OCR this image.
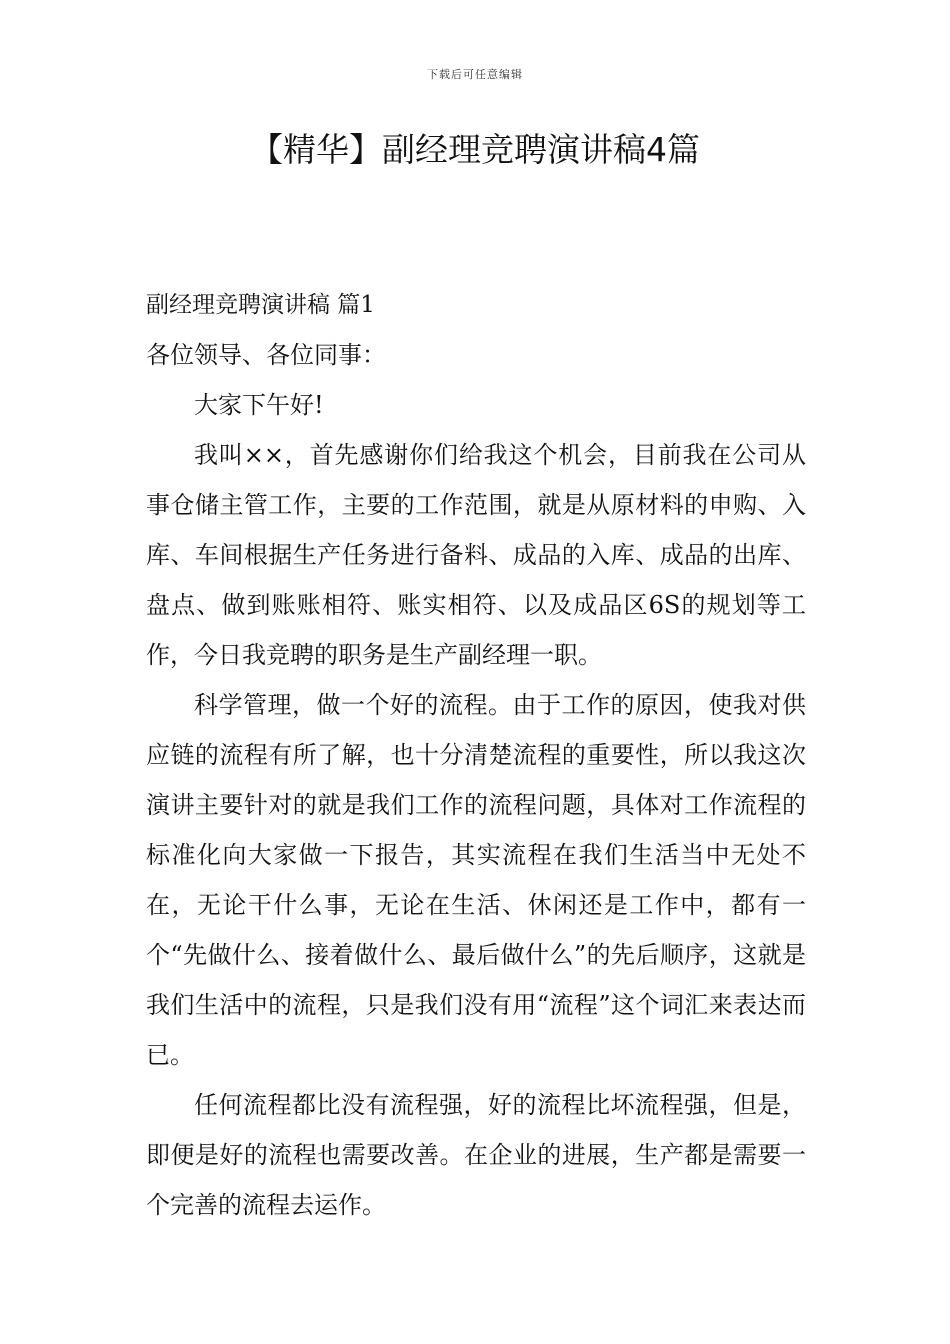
下载后可任意编辑
【精华】副经理竞聘演讲稿4篇

副经理竞聘演讲稿 篇1

各位领导、各位同事：

大家下午好!

我叫××，首先感谢你们给我这个机会，目前我在公司从事仓储主管工作，主要的工作范围，就是从原材料的申购、入库、车间根据生产任务进行备料、成品的入库、成品的出库、盘点、做到账账相符、账实相符、以及成品区6S的规划等工作，今日我竞聘的职务是生产副经理一职。

科学管理，做一个好的流程。由于工作的原因，使我对供应链的流程有所了解，也十分清楚流程的重要性，所以我这次演讲主要针对的就是我们工作的流程问题，具体对工作流程的标准化向大家做一下报告，其实流程在我们生活当中无处不在，无论干什么事，无论在生活、休闲还是工作中，都有一个“先做什么、接着做什么、最后做什么”的先后顺序，这就是我们生活中的流程，只是我们没有用“流程”这个词汇来表达而已。

任何流程都比没有流程强，好的流程比坏流程强，但是，即便是好的流程也需要改善。在企业的进展，生产都是需要一个完善的流程去运作。
